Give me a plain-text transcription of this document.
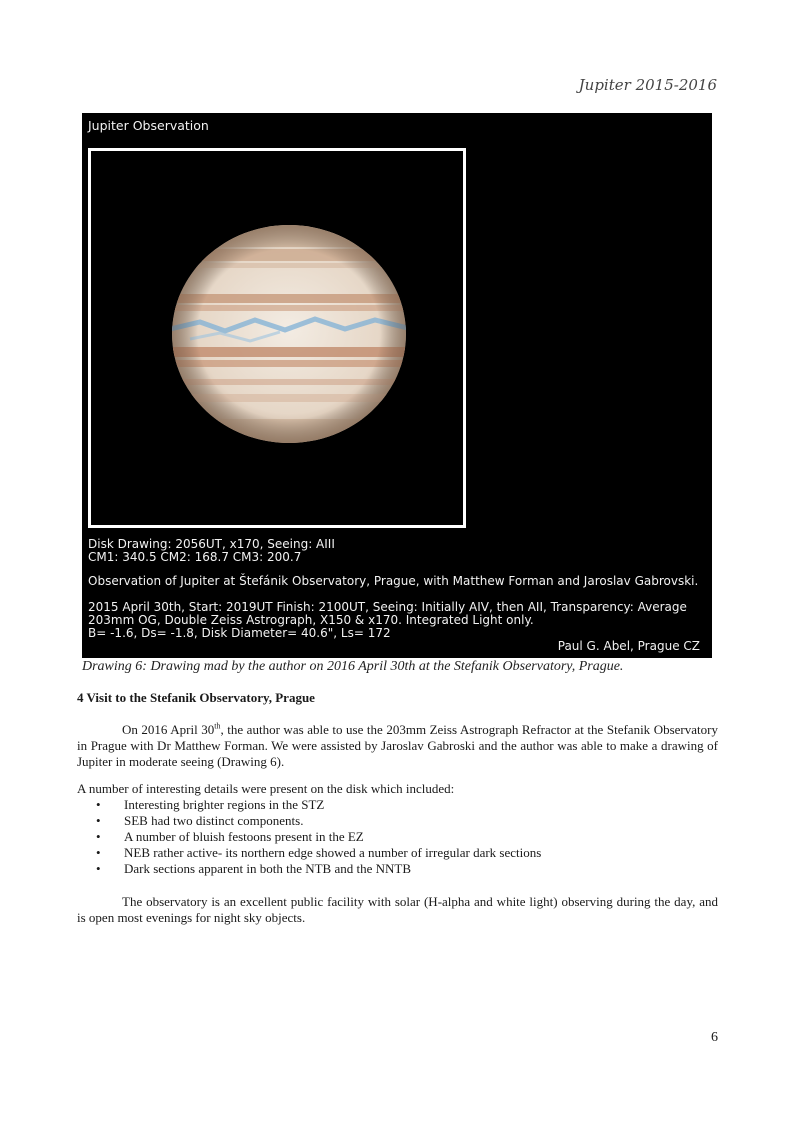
Jupiter 2015-2016
Jupiter Observation
Disk Drawing: 2056UT, x170, Seeing: AIII
CM1: 340.5 CM2: 168.7 CM3: 200.7
Observation of Jupiter at Štefánik Observatory, Prague, with Matthew Forman and Jaroslav Gabrovski.
2015 April 30th, Start: 2019UT Finish: 2100UT, Seeing: Initially AIV, then AII, Transparency: Average
203mm OG, Double Zeiss Astrograph, X150 & x170. Integrated Light only.
B= -1.6, Ds= -1.8, Disk Diameter= 40.6", Ls= 172
Paul G. Abel, Prague CZ
Drawing 6: Drawing mad by the author on 2016 April 30th at the Stefanik Observatory, Prague.
4 Visit to the Stefanik Observatory, Prague
On 2016 April 30th, the author was able to use the 203mm Zeiss Astrograph Refractor at the Stefanik Observatory in Prague with Dr Matthew Forman. We were assisted by Jaroslav Gabroski and the author was able to make a drawing of Jupiter in moderate seeing (Drawing 6).
A number of interesting details were present on the disk which included:
• Interesting brighter regions in the STZ
• SEB had two distinct components.
• A number of bluish festoons present in the EZ
• NEB rather active- its northern edge showed a number of irregular dark sections
• Dark sections apparent in both the NTB and the NNTB
The observatory is an excellent public facility with solar (H-alpha and white light) observing during the day, and is open most evenings for night sky objects.
6
